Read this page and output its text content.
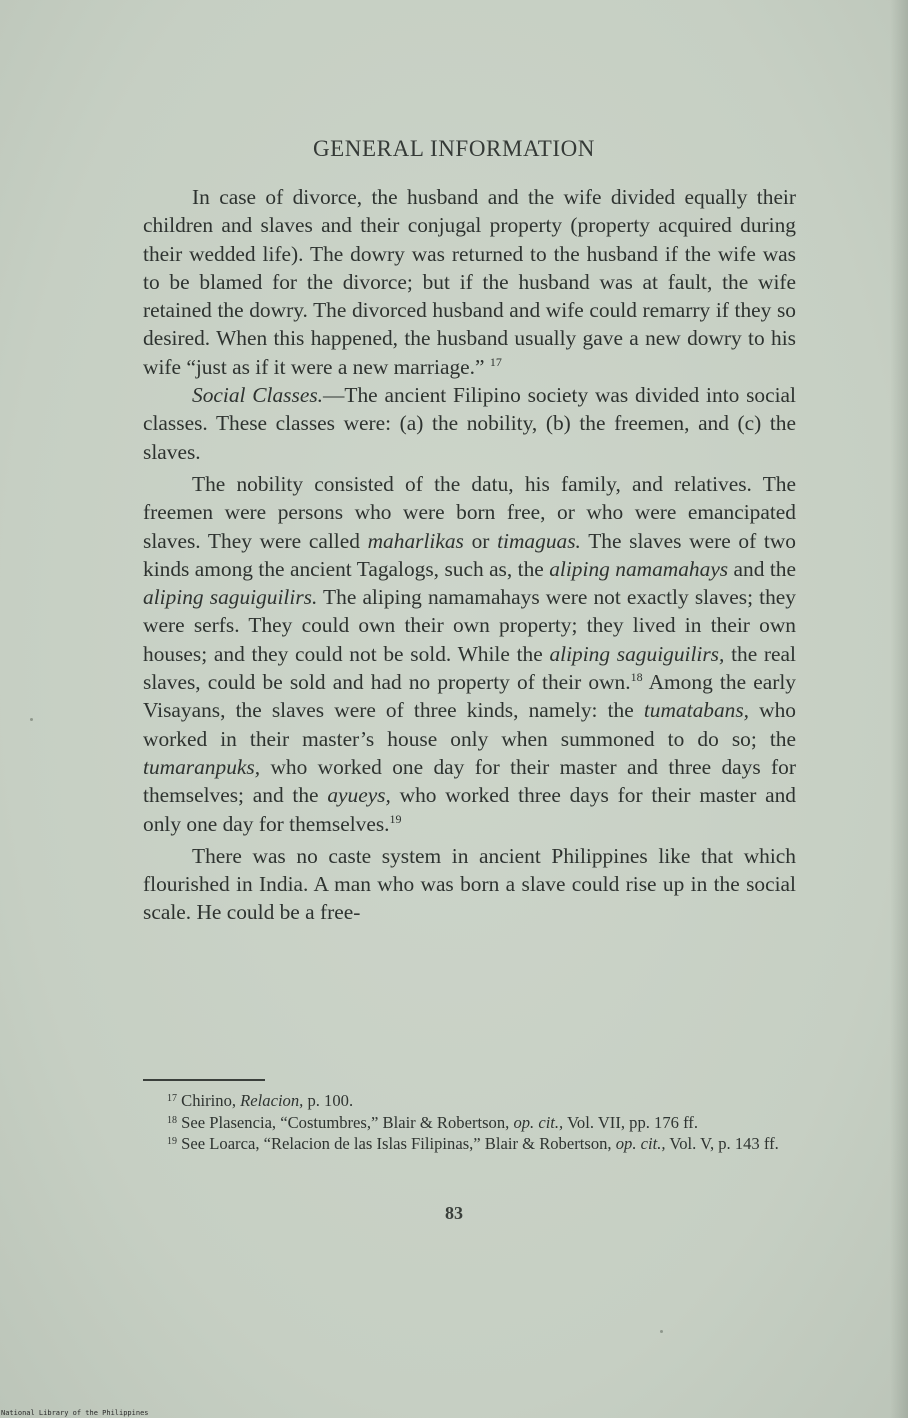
GENERAL INFORMATION

In case of divorce, the husband and the wife divided equally their children and slaves and their conjugal property (property acquired during their wedded life). The dowry was returned to the husband if the wife was to be blamed for the divorce; but if the husband was at fault, the wife retained the dowry. The divorced husband and wife could remarry if they so desired. When this happened, the husband usually gave a new dowry to his wife “just as if it were a new marriage.” $^{17}$

Social Classes.—The ancient Filipino society was divided into social classes. These classes were: (a) the nobility, (b) the freemen, and (c) the slaves.

The nobility consisted of the datu, his family, and relatives. The freemen were persons who were born free, or who were emancipated slaves. They were called maharlikas or timaguas. The slaves were of two kinds among the ancient Tagalogs, such as, the aliping namamahays and the aliping saguiguilirs. The aliping namamahays were not exactly slaves; they were serfs. They could own their own property; they lived in their own houses; and they could not be sold. While the aliping saguiguilirs, the real slaves, could be sold and had no property of their own.$^{18}$ Among the early Visayans, the slaves were of three kinds, namely: the tumatabans, who worked in their master’s house only when summoned to do so; the tumaranpuks, who worked one day for their master and three days for themselves; and the ayueys, who worked three days for their master and only one day for themselves.$^{19}$

There was no caste system in ancient Philippines like that which flourished in India. A man who was born a slave could rise up in the social scale. He could be a free-

$^{17}$ Chirino, Relacion, p. 100.

$^{18}$ See Plasencia, “Costumbres,” Blair & Robertson, op. cit., Vol. VII, pp. 176 ff.

$^{19}$ See Loarca, “Relacion de las Islas Filipinas,” Blair & Robertson, op. cit., Vol. V, p. 143 ff.

83
National Library of the Philippines
